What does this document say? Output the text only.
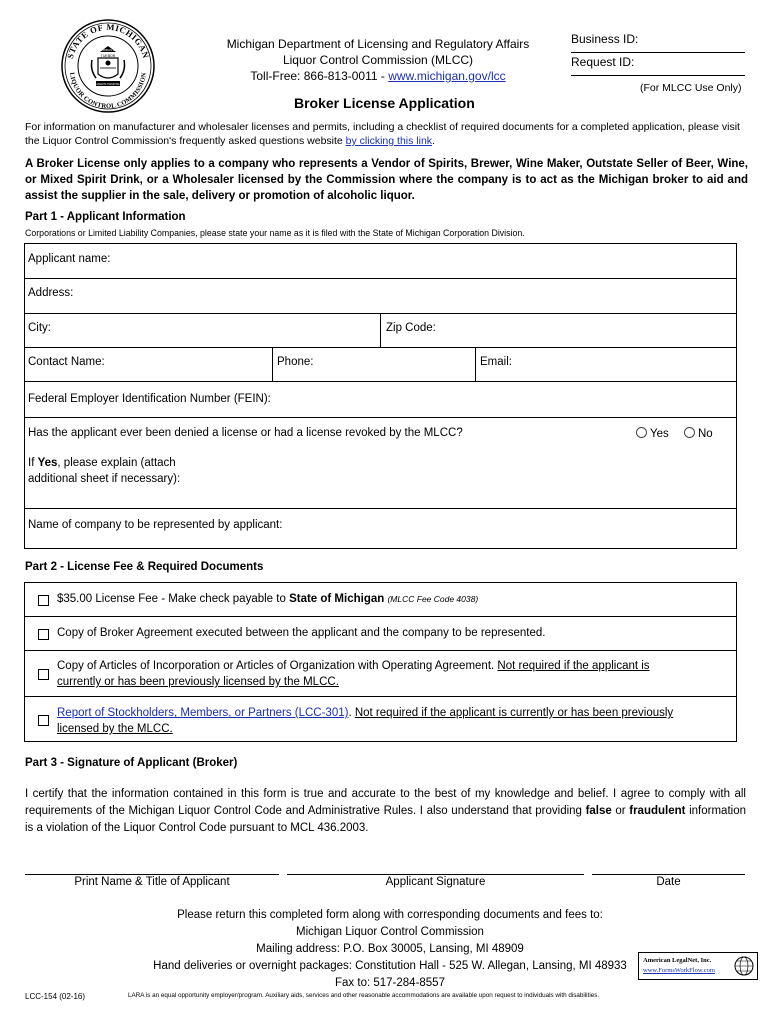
STATE OF MICHIGAN
LIQUOR CONTROL COMMISSION
TUEBOR
E PLURIBUS UNUM
SI QUAERIS PENINSULAM
Michigan Department of Licensing and Regulatory Affairs
Liquor Control Commission (MLCC)
Toll-Free: 866-813-0011 - www.michigan.gov/lcc
Business ID:
Request ID:
(For MLCC Use Only)
Broker License Application
For information on manufacturer and wholesaler licenses and permits, including a checklist of required documents for a completed application, please visit the Liquor Control Commission's frequently asked questions website by clicking this link.
A Broker License only applies to a company who represents a Vendor of Spirits, Brewer, Wine Maker, Outstate Seller of Beer, Wine, or Mixed Spirit Drink, or a Wholesaler licensed by the Commission where the company is to act as the Michigan broker to aid and assist the supplier in the sale, delivery or promotion of alcoholic liquor.
Part 1 - Applicant Information
Corporations or Limited Liability Companies, please state your name as it is filed with the State of Michigan Corporation Division.
Applicant name:
Address:
City:	Zip Code:
Contact Name:	Phone:	Email:
Federal Employer Identification Number (FEIN):
Has the applicant ever been denied a license or had a license revoked by the MLCC?	Yes	No
If Yes, please explain (attach
additional sheet if necessary):
Name of company to be represented by applicant:
Part 2 - License Fee & Required Documents
$35.00 License Fee - Make check payable to State of Michigan (MLCC Fee Code 4038)
Copy of Broker Agreement executed between the applicant and the company to be represented.
Copy of Articles of Incorporation or Articles of Organization with Operating Agreement. Not required if the applicant is currently or has been previously licensed by the MLCC.
Report of Stockholders, Members, or Partners (LCC-301). Not required if the applicant is currently or has been previously licensed by the MLCC.
Part 3 - Signature of Applicant (Broker)
I certify that the information contained in this form is true and accurate to the best of my knowledge and belief. I agree to comply with all requirements of the Michigan Liquor Control Code and Administrative Rules. I also understand that providing false or fraudulent information is a violation of the Liquor Control Code pursuant to MCL 436.2003.
Print Name & Title of Applicant	Applicant Signature	Date
Please return this completed form along with corresponding documents and fees to:
Michigan Liquor Control Commission
Mailing address: P.O. Box 30005, Lansing, MI 48909
Hand deliveries or overnight packages: Constitution Hall - 525 W. Allegan, Lansing, MI 48933
Fax to: 517-284-8557
LCC-154 (02-16)	LARA is an equal opportunity employer/program. Auxiliary aids, services and other reasonable accommodations are available upon request to individuals with disabilities.
American LegalNet, Inc.
www.FormsWorkFlow.com
